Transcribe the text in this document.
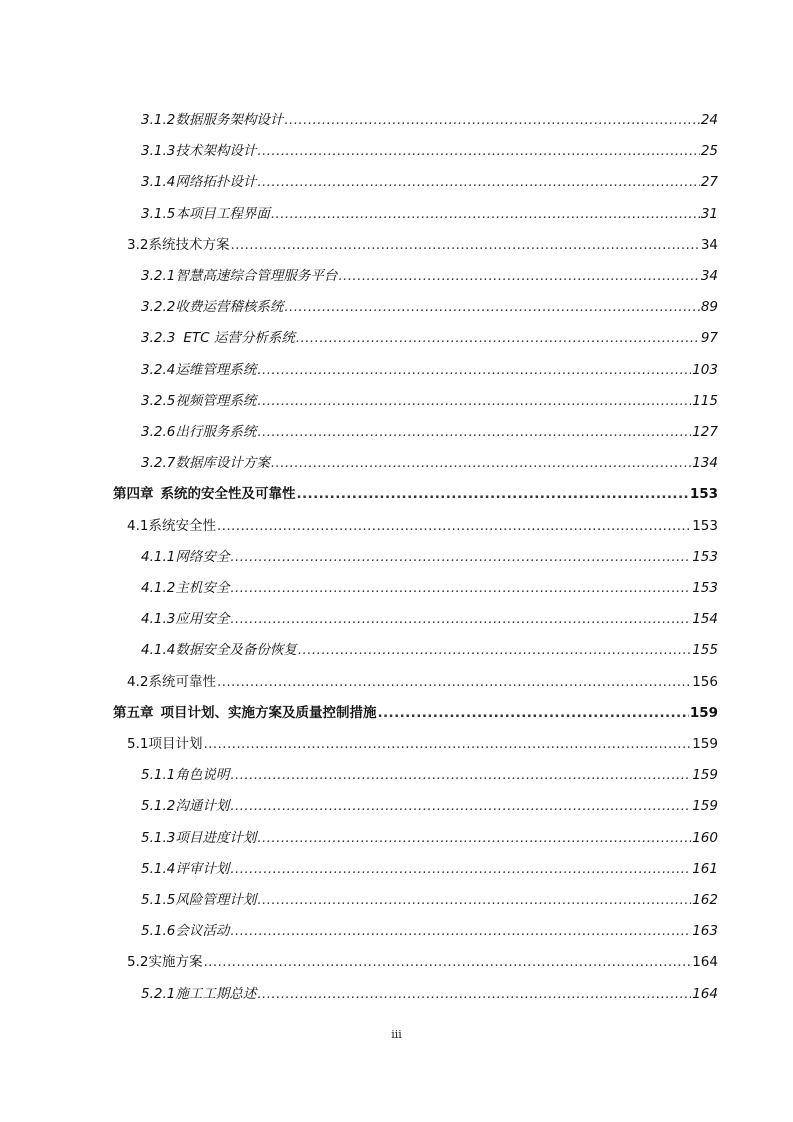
3.1.2 数据服务架构设计 .....	24
3.1.3 技术架构设计 .....	25
3.1.4 网络拓扑设计 .....	27
3.1.5 本项目工程界面 .....	31
3.2 系统技术方案 .....	34
3.2.1 智慧高速综合管理服务平台 .....	34
3.2.2 收费运营稽核系统 .....	89
3.2.3 ETC 运营分析系统 .....	97
3.2.4 运维管理系统 .....	103
3.2.5 视频管理系统 .....	115
3.2.6 出行服务系统 .....	127
3.2.7 数据库设计方案 .....	134
第四章 系统的安全性及可靠性 .....	153
4.1 系统安全性 .....	153
4.1.1 网络安全 .....	153
4.1.2 主机安全 .....	153
4.1.3 应用安全 .....	154
4.1.4 数据安全及备份恢复 .....	155
4.2 系统可靠性 .....	156
第五章 项目计划、实施方案及质量控制措施 .....	159
5.1 项目计划 .....	159
5.1.1 角色说明 .....	159
5.1.2 沟通计划 .....	159
5.1.3 项目进度计划 .....	160
5.1.4 评审计划 .....	161
5.1.5 风险管理计划 .....	162
5.1.6 会议活动 .....	163
5.2 实施方案 .....	164
5.2.1 施工工期总述 .....	164
iii
